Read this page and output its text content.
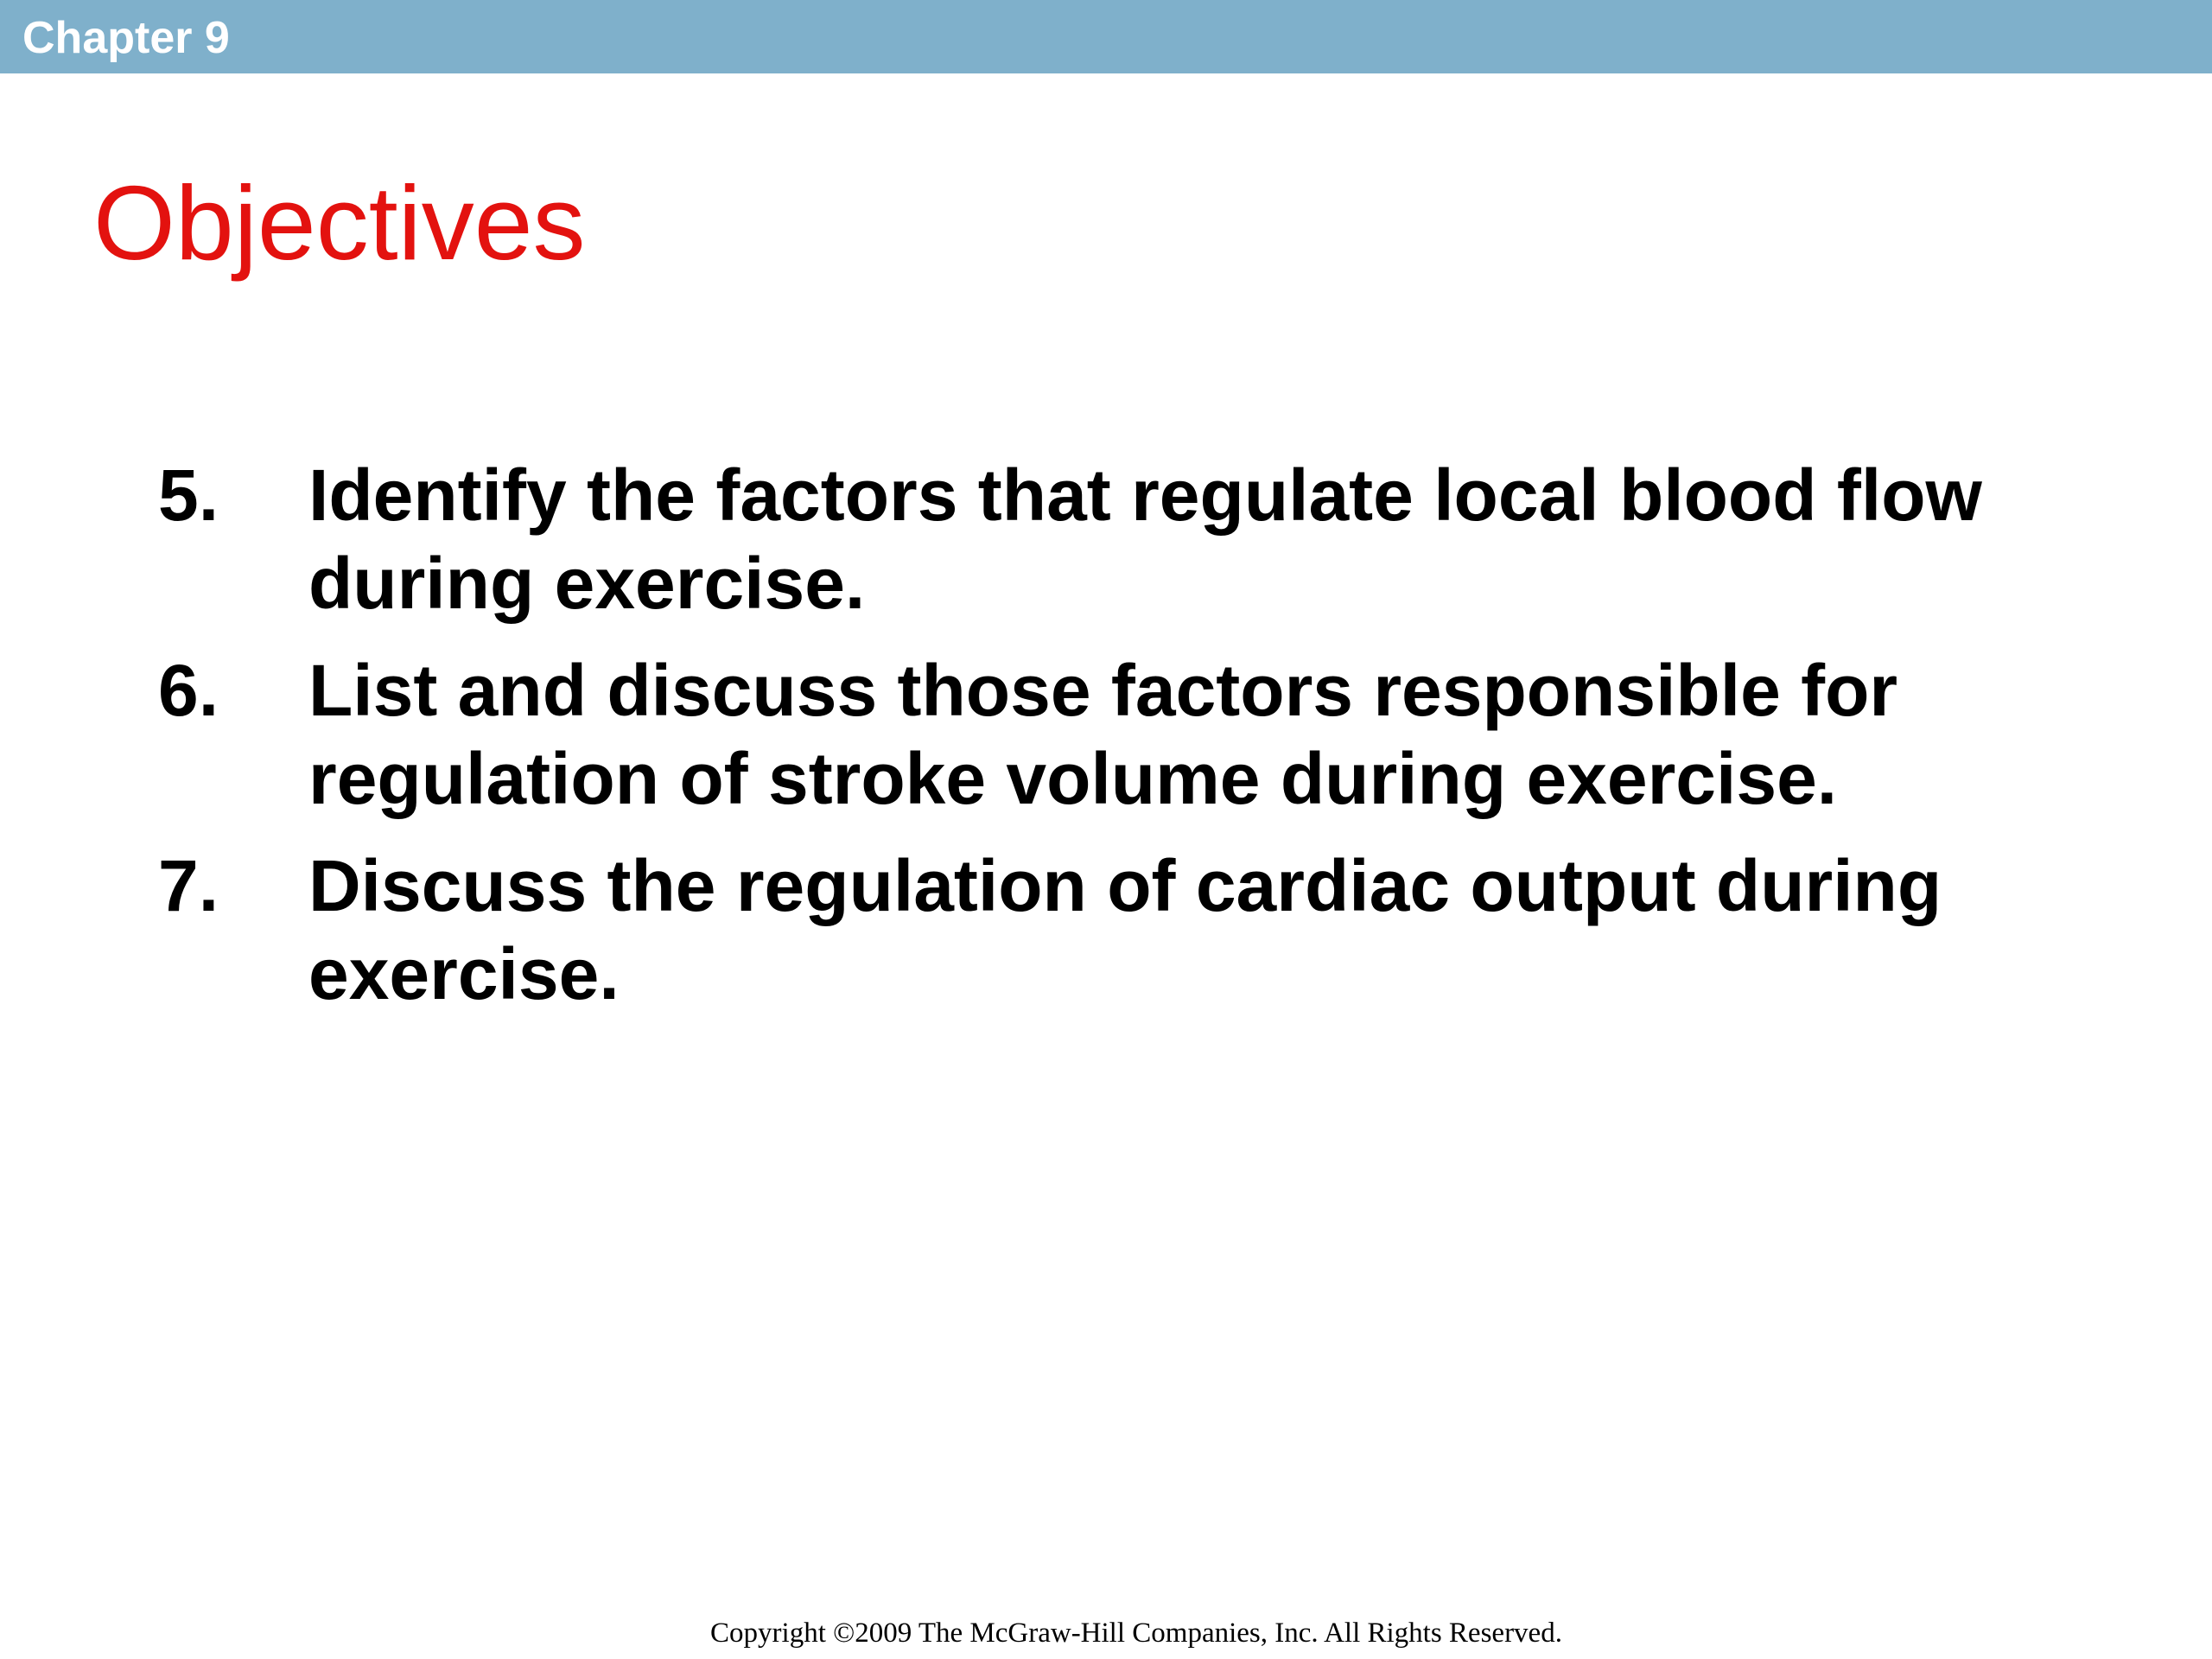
Chapter 9
Objectives
5. Identify the factors that regulate local blood flow during exercise.
6. List and discuss those factors responsible for regulation of stroke volume during exercise.
7. Discuss the regulation of cardiac output during exercise.
Copyright ©2009 The McGraw-Hill Companies, Inc. All Rights Reserved.
